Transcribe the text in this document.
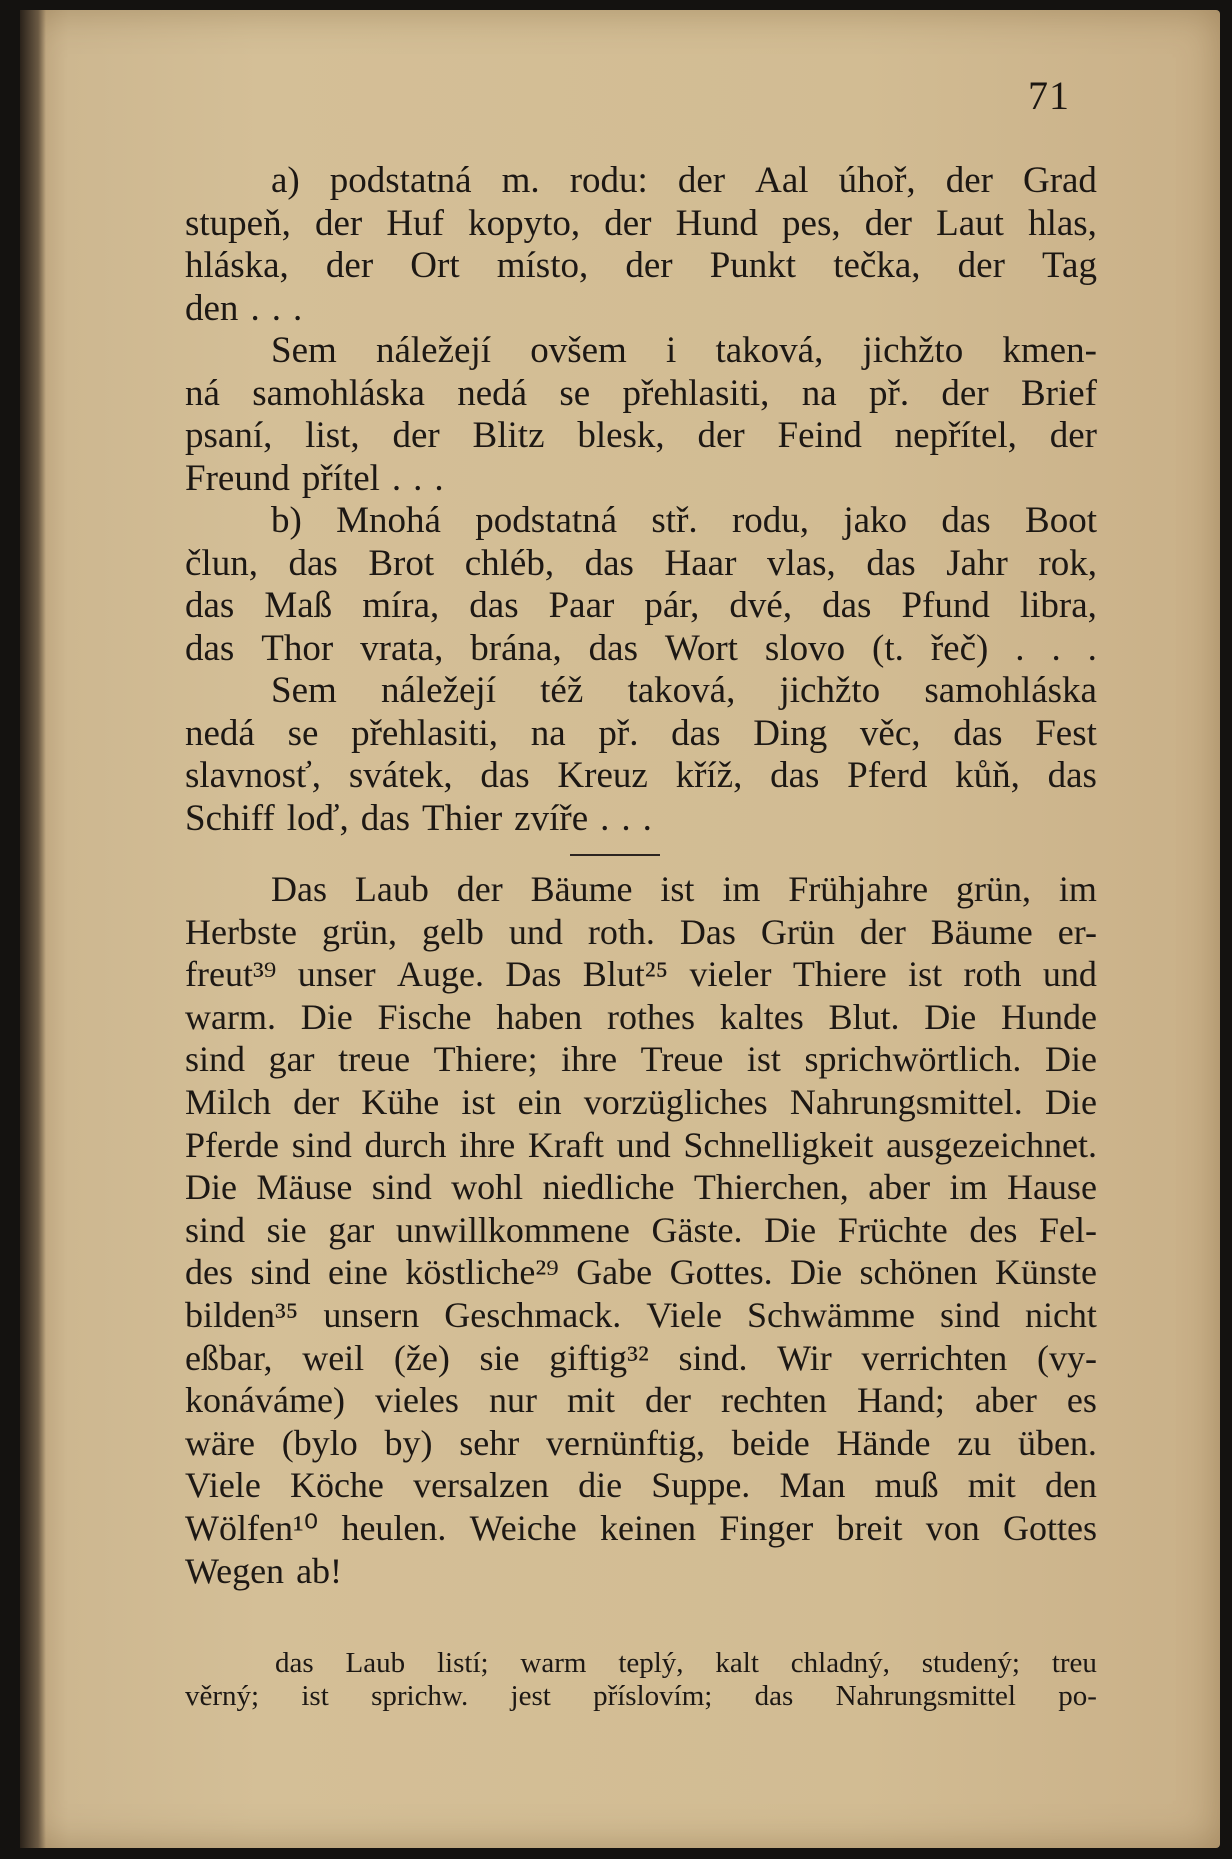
71
a) podstatná m. rodu: der Aal úhoř, der Grad
stupeň, der Huf kopyto, der Hund pes, der Laut hlas,
hláska, der Ort místo, der Punkt tečka, der Tag
den . . .
Sem náležejí ovšem i taková, jichžto kmen-
ná samohláska nedá se přehlasiti, na př. der Brief
psaní, list, der Blitz blesk, der Feind nepřítel, der
Freund přítel . . .
b) Mnohá podstatná stř. rodu, jako das Boot
člun, das Brot chléb, das Haar vlas, das Jahr rok,
das Maß míra, das Paar pár, dvé, das Pfund libra,
das Thor vrata, brána, das Wort slovo (t. řeč) . . .
Sem náležejí též taková, jichžto samohláska
nedá se přehlasiti, na př. das Ding věc, das Fest
slavnosť, svátek, das Kreuz kříž, das Pferd kůň, das
Schiff loď, das Thier zvíře . . .
Das Laub der Bäume ist im Frühjahre grün, im
Herbste grün, gelb und roth. Das Grün der Bäume er-
freut³⁹ unser Auge. Das Blut²⁵ vieler Thiere ist roth und
warm. Die Fische haben rothes kaltes Blut. Die Hunde
sind gar treue Thiere; ihre Treue ist sprichwörtlich. Die
Milch der Kühe ist ein vorzügliches Nahrungsmittel. Die
Pferde sind durch ihre Kraft und Schnelligkeit ausgezeichnet.
Die Mäuse sind wohl niedliche Thierchen, aber im Hause
sind sie gar unwillkommene Gäste. Die Früchte des Fel-
des sind eine köstliche²⁹ Gabe Gottes. Die schönen Künste
bilden³⁵ unsern Geschmack. Viele Schwämme sind nicht
eßbar, weil (že) sie giftig³² sind. Wir verrichten (vy-
konáváme) vieles nur mit der rechten Hand; aber es
wäre (bylo by) sehr vernünftig, beide Hände zu üben.
Viele Köche versalzen die Suppe. Man muß mit den
Wölfen¹⁰ heulen. Weiche keinen Finger breit von Gottes
Wegen ab!
das Laub listí; warm teplý, kalt chladný, studený; treu
věrný; ist sprichw. jest příslovím; das Nahrungsmittel po-
